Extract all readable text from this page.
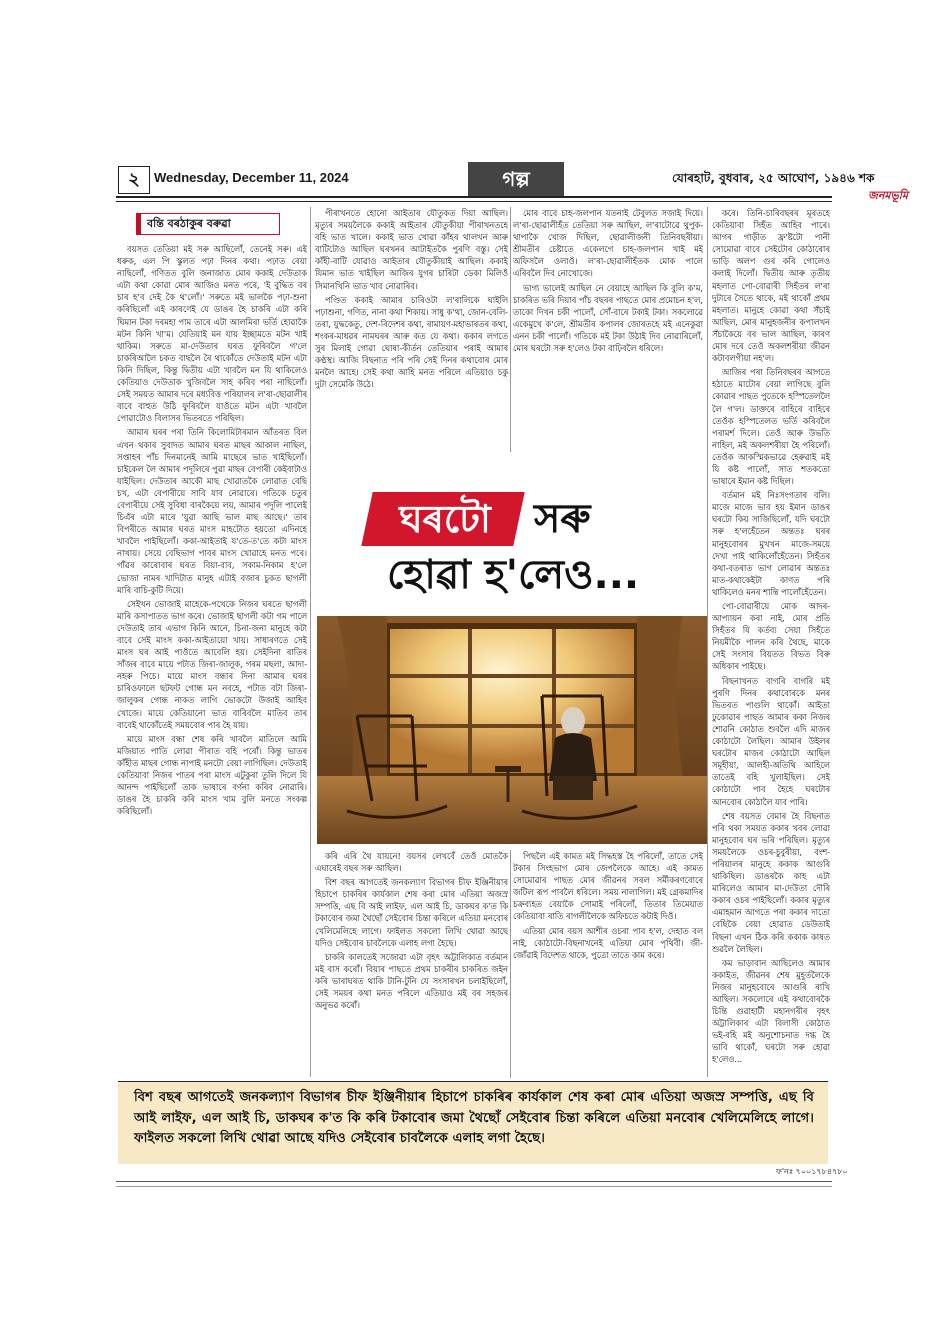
২	Wednesday, December 11, 2024	গল্প	যোৰহাট, বুধবাৰ, ২৫ আঘোণ, ১৯৪৬ শক
জনমভূমি
বন্তি বৰঠাকুৰ বৰুৱা

বয়সত তেতিয়া মই সৰু আছিলোঁ, তেনেই সৰু। এই ধৰুক, এল পি স্কুলত পঢ়া দিনৰ কথা। পঢ়াত বেয়া নাছিলোঁ, গণিতত বুলি জনাজাত মোৰ ককাই দেউতাক এটা কথা কোৱা মোৰ আজিও মনত পৰে, 'ই বুদ্ধিত বৰ চাৰ হ'ব দেই কৈ থ'লোঁ।' সৰুতে মই ভালকৈ পঢ়া-শুনা কৰিছিলোঁ এই কাৰণেই যে ডাঙৰ হৈ চাকৰি এটা কৰি ঘিমান টকা দৰমহা পাম তাৰে এটা আলমিৰা ভৰ্তি হোৱাকৈ মটন কিনি খা'ম। যেতিয়াই মন যায় ইচ্ছামতে মটন খাই থাকিম। সৰুতে মা-দেউতাৰ ঘৰত ফুৰিবলৈ গ'লে চাকৰিআলৈ চকত বাছলৈ ৰৈ থাকোঁতে দেউতাই মটন এটা কিনি দিছিল, কিন্তু দ্বিতীয় এটা খাবলৈ মন যি থাকিলেও কেতিয়াও দেউতাক খুজিবলৈ সাহ কৰিব পৰা নাছিলোঁ। সেই সময়ত আমাৰ দৰে মধ্যবিত্ত পৰিয়ালৰ ল'ৰা-ছোৱালীৰ বাবে বাহুত উঠি ফুৰিবলৈ যাওঁতে মটন এটা খাবলৈ পোৱাটোও বিলাসৰ ভিতৰতে পৰিছিল।

আমাৰ ঘৰৰ পৰা তিনি কিলোমিটাৰমান আঁতৰত বিল এখন থকাৰ সুবাদত আমাৰ ঘৰত মাছৰ আকাল নাছিল, সপ্তাহৰ পাঁচ দিনমানেই আমি মাছেৰে ভাত খাইছিলোঁ। চাইকেল লৈ আমাৰ পদূলিৰে পুৱা মাছৰ বেপাৰী কেইবাটাও যাইছিল। দেউতাৰ আকৌ মাছ খোৱাতকৈ লোৱাত বেছি চখ, এটা বেপাৰীয়ে সাবি যাব নোৱাৰে। গতিকে চতুৰ বেপাৰীয়ে সেই সুবিধা বাৰকৈয়ে লয়, আমাৰ পদূলি পালেই চিএঁৰ এটা মাৰে 'যুৱা আছি ভাল মাছ আছে।' তাৰ বিপৰীতে আমাৰ ঘৰত মাংস মাহটোত হয়তো এদিনহে খাবলৈ পাইছিলোঁ। ককা-আইতাই য'তে-ত'তে কটা মাংস নাখায়। সেয়ে বেছিভাগ পাবৰ মাংস খোৱাহে মনত পৰে। গাঁৱৰ কাৰোবাৰ ঘৰত বিয়া-বাব, সকাম-নিকাম হ'লে ভোজা নামৰ খাদিটাত মানুহ এটাই বজাৰ চুকত ছাগলী মাৰি বাচি-কুটি দিয়ে।

সেইখন ভোজাই মাহেকে-পখেকে নিজৰ ঘৰতে ছাগলী মাৰি কসাপাতত ভাগ কৰে। ভোজাই ছাগলী কটা গম পালে দেউতাই তাৰ এভাগ কিনি আনে, চিনা-জনা মানুহে কটা বাবে সেই মাংস ককা-আইতায়ো খায়। সাধাৰণতে সেই মাংস ঘৰ আই পাওঁতে আবেলি হয়। সেইদিনা ৰাতিৰ সাঁজৰ বাবে মায়ে পটাত জিৰা-জালুক, গৰম মছলা, আদা-নহৰু পিচে। মায়ে মাংস বন্ধাৰ দিনা আমাৰ ঘৰৰ চাৰিওফালে ছটফট গোন্ধ মন নবহে, পটাত বটা জিৰা-জালুকৰ গোন্ধ নাকত লাগি ভোকটো উজাই আহিব খোজে। মায়ে কেতিয়ানো ভাত বাৰিবলৈ মাতিব তাৰ বাবেই থাকোঁতেই সময়বোৰ পাৰ হৈ যায়।

মায়ে মাংস বন্ধা শেষ কৰি খাবলৈ মাতিলে আমি মজিয়াত পাতি লোৱা পীৰাত বহি পৰোঁ। কিন্তু ভাতৰ কাঁহীত মাছৰ গোন্ধ নাপাই মনটো বেয়া লাগিছিল। দেউতাই কেতিয়াবা নিজৰ পাতৰ পৰা মাংস এটুকুৰা তুলি দিলে যি আনন্দ পাইছিলোঁ তাক ভাষাৰে বৰ্ণনা কৰিব নোৱাৰি। ডাঙৰ হৈ চাকৰি কৰি মাংস খাম বুলি মনতে সংকল্প কৰিছিলোঁ।

পীৰাখনতে হোনো আইতাৰ যৌতুকত দিয়া আছিল। মৃত্যুৰ সময়লৈকে ককাই আইতাৰ যৌতুকীয়া পীৰাখনতহে বহি ভাত খালে। ককাই ভাত খোৱা কাঁহৰ থালখন আৰু বাটিটোও আছিল ঘৰখনৰ আটাইতকৈ পুৰণি বস্তু। সেই কাঁহী-বাটি যোৱাও আইতাৰ যৌতুকীয়াই আছিল। ককাই যিমান ভাত খাইছিল আজিৰ যুগৰ চাৰিটা ডেকা মিলিওঁ সিমানখিনি ভাত খাব নোৱাৰিব।

পণ্ডিত ককাই আমাৰ চাৰিওটা ল'ৰালিকে ঘাইলি পঢ়াশুনা, গণিত, নানা কথা শিকায়। সাধু ক'থা, জোন-বেলি-তৰা, যুদ্ধকেতু, দেশ-বিদেশৰ কথা, ৰামায়ণ-মহাভাৰতৰ কথা, শংকৰ-মাধৱৰ নামঘৰৰ আৰু কত যে কথা। ককাৰ লগতে সুৰ মিলাই গোৱা ঘোষা-কীৰ্তন তেতিয়াৰ পৰাই আমাৰ কণ্ঠস্থ। আজি বিছনাত পৰি পৰি সেই দিনৰ কথাবোৰ মোৰ মনলৈ আহে। সেই কথা আহি মনত পৰিলে এতিয়াও চকু দুটা সেমেকি উঠে।

মোৰ বাবে চাহ-জলপান যতনাই টেবুলত সজাই দিয়ে। ল'ৰা-ছোৱালীহঁত তেতিয়া সৰু আছিল, ল'ৰাটোৱে থুপুক-থাপাকৈ খোজ দিছিল, ছোৱালীজনী তিনিবছৰীয়া। শ্ৰীমতীৰ চেষ্টাতে একেলগে চাহ-জলপান খাই মই অফিসলৈ ওলাওঁ। ল'ৰা-ছোৱালীহঁতক মোক পালে এৰিবলৈ দিব নোখোজে।

ভাগ্য ভালেই আছিল নে বেয়াহে আছিল কি বুলি ক'ম, চাকৰিত ভৰি দিয়াৰ পাঁচ বছৰৰ পাছতে মোৰ প্ৰমোচন হ'ল, তাকো দিখন চকী পালোঁ, সোঁ-বাৰে টকাই টকা। সকলোৱে একেমুখে ক'লে, শ্ৰীমতীৰ কপালৰ জোৰতহে মই এনেকুৱা এনন চকী পালোঁ। গতিকে মই টকা উঠাই দিব নোৱাৰিলোঁ, মোৰ ঘৰটো সৰু হ'লেও টকা বাঢ়িবলৈ ধৰিলে।

কৰে। তিনি-চাৰিবছৰৰ মূৰতহে কেতিয়াবা সিহঁত আহিব পাৰে। আগৰ গাড়ীত ফ্ৰ'ষ্টটো পানী সোমোৱা বাবে সেইটোৰ কোঠাৰোৰ ভাড়ি অলপ গুৰ কৰি গোলেও কলাই দিলোঁ। দ্বিতীয় আৰু তৃতীয় মহলাত পো-বোৱাৰী সিহঁতৰ ল'ৰা দুটাৰে সৈতে থাকে, মই থাকোঁ প্ৰথম মহলাত। মানুহে কোৱা কথা সঁচাই আছিল, মোৰ মানুহজনীৰ কপালখন সঁচাকৈয়ে বৰ ভাল আছিল, কাৰণ মোৰ দৰে তেওঁ অকলশৰীয়া জীৱন কটাবলগীয়া নহ'ল।

আজিৰ পৰা তিনিবছৰৰ আগতে হঠাতে মাটোৰ বেয়া লাগিছে বুলি কোৱাৰ পাছত পুতেকে হস্পিতেললৈ লৈ গ'ল। ডাক্তৰে বাহিৰে বাহিৰে তেওঁক হস্পিতেলত ভৰ্তি কৰিবলৈ পৰামৰ্শ দিলে। তেওঁ আৰু উভতি নাহিল, মই অকলশৰীয়া হৈ পৰিলোঁ। তেওঁক আকস্মিকভাৱে হেৰুৱাই মই যি কষ্ট পালোঁ, সাত শতকতো ভাষাৰে ইমান কষ্ট দিছিল।

বৰ্তমান মই নিঃসংগতাৰ বলি। মাজে মাজে ভাব হয় ইমান ডাঙৰ ঘৰটো কিয় সাজিছিলোঁ, যদি ঘৰটো সৰু হ'লহেঁতেন অন্ততঃ ঘৰৰ মানুহবোৰৰ মুখখন মাজে-সময়ে দেখা পাই থাকিলোঁহেঁতেন। সিহঁতৰ কথা-বতৰাত ভাগ লোৱাৰ অন্ততঃ মাত-কথাকেইটা কাণত পৰি থাকিলেও মনৰ শান্তি পালোঁহেঁতেন।

পো-বোৱাৰীয়ে মোক আদৰ-আপ্যায়ন কৰা নাই, মোৰ প্ৰতি সিহঁতৰ যি কৰ্তব্য সেয়া সিহঁতে নিয়মীকৈ পালন কৰি থৈছে, মাকে সেই সংসাৰ বিয়তত বিভত বিৰু অধিকাৰ পাইছে।

বিছনাখনত বাগৰি বাগৰি মই পুৰণি দিনৰ কথাবোৰকে মনৰ ভিতৰত পাগুলি থাকোঁ। আইতা ঢুকোৱাৰ পাছত আমাৰ ককা নিজৰ শোৱনি কোঠাত শুবলৈ এদি মাজৰ কোঠাটো লৈছিল। আমাৰ উইলৰ ঘৰটোৰ মাজৰ কোঠাটো আছিল সমূহীয়া, আলহী-অতিথি আহিলে তাতেই বহি খুলাইছিল। সেই কোঠাটো পাব হৈহে ঘৰটোৰ আনবোৰ কোঠালৈ যাব পাৰি।

শেষ বয়সত বেমাৰ হৈ বিছনাত পৰি থকা সময়ত ককাৰ খবৰ লোৱা মানুহবোৰ ঘৰ ভৰি পৰিছিল। মৃত্যুৰ সময়লৈকে ওচৰ-চুবুৰীয়া, বংশ-পৰিয়ালৰ মানুহে ককাক আগুৰি থাকিছিল। ডাঙৰকৈ কাহ এটা মাৰিলেও আমাৰ মা-দেউতা দৌৰি ককাৰ ওচৰ পাইছিলোঁ। ককাৰ মৃত্যুৰ এমাহমান আগতে পৰা ককাৰ দাতো বেছিকৈ বেয়া হোৱাত ডেউতাই বিছনা এখন ঠিক কৰি ককাক কাষত শুৱলৈ লৈছিল।

কম ভাড়াবান আছিলেও আমাৰ ককাইত, জীৱনৰ শেষ মুহূৰ্তলৈকে নিজৰ মানুহবোৰে আগুৰি ৰাখি আছিল। সকলোৰে এই কথাবোৰকৈ চিন্তি গুৱাহাটী মহানগৰীৰ বৃহৎ অট্টালিকাৰ এটা বিলাসী কোঠাত ভই-বহি মই অনুশোচনাত দগ্ধ হৈ ভাবি থাকোঁ, ঘৰটো সৰু হোৱা হ'লেও...

ঘৰটো	সৰু
হোৱা হ'লেও...

কৰি এৰি থৈ যায়নে! বয়সৰ লেখবেঁ তেওঁ মোতকৈ এঘাৰেই বছৰ সৰু আছিল।

বিশ বছৰ আগতেই জনকল্যাণ বিভাগৰ চীফ ইঞ্জিনীয়াৰ হিচাপে চাকৰিৰ কাৰ্যকাল শেষ কৰা মোৰ এতিয়া অজস্ৰ সম্পত্তি, এছ বি আই লাইফ, এল আই চি, ডাকঘৰ ক'ত কি টকাবোৰ জমা থৈছোঁ সেইবোৰ চিন্তা কৰিলে এতিয়া মনবোৰ খেলিমেলিহে লাগে। ফাইলত সকলো লিখি থোৱা আছে যদিও সেইবোৰ চাবলৈকে এলাহ লগা হৈছে।

চাকৰি কালতেই সজোৱা এটা বৃহৎ অট্টালিকাত বৰ্তমান মই বাস কৰোঁ। বিয়াৰ পাছতে প্ৰথম চাকৰীৰ চাকৰিত জইন কৰি ভাৰাঘৰত থাকি টানি-টুনি যে সংসাৰখন চলাইছিলোঁ, সেই সময়ৰ কথা মনত পৰিলে এতিয়াও মই বৰ সহজৰ অনুভৱ কৰোঁ।

পিছলৈ এই কামত মই সিদ্ধহস্ত হৈ পৰিলোঁ, তাতে সেই টকাৰ সিংহভাগ মোৰ জেপলৈকে আহে। এই কামত সোমোৱাৰ পাছত মোৰ জীৱনৰ সৰল সৰ্মীকৰণবোৰে জটিল ৰূপ পাবলৈ ধৰিলে। সময় নালাগিল। মই গ্ৰেকমাদিৰ চক্ৰব্যহত বেয়াকৈ সোমাই পৰিলোঁ, তিতাৰ তিমেয়াত কেতিয়াবা ৰাতি ৰাগলীলৈকে অফিচতে কটাই দিওঁ।

এতিয়া মোৰ বয়স আশীৰ ওচৰা পাব হ'ল, দেহাত বল নাই, কোঠাটো-বিছনাখনেই এতিয়া মোৰ পৃথিবী। জী-জোঁৱাই বিদেশত থাকে, পুত্ৰো তাতে কাম কৰে।

বিশ বছৰ আগতেই জনকল্যাণ বিভাগৰ চীফ ইঞ্জিনীয়াৰ হিচাপে চাকৰিৰ কাৰ্যকাল শেষ কৰা মোৰ এতিয়া অজস্ৰ সম্পত্তি, এছ বি আই লাইফ, এল আই চি, ডাকঘৰ ক'ত কি কৰি টকাবোৰ জমা থৈছোঁ সেইবোৰ চিন্তা কৰিলে এতিয়া মনবোৰ খেলিমেলিহে লাগে। ফাইলত সকলো লিখি থোৱা আছে যদিও সেইবোৰ চাবলৈকে এলাহ লগা হৈছে।
ফ'নঃ ৭০০১৭৮৪৭৮০
